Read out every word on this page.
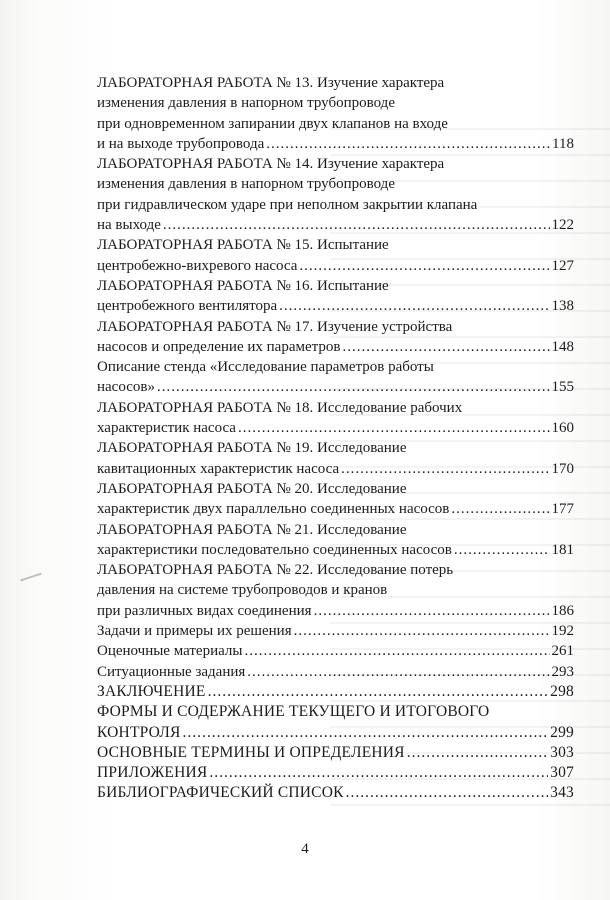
ЛАБОРАТОРНАЯ РАБОТА № 13. Изучение характера
изменения давления в напорном трубопроводе
при одновременном запирании двух клапанов на входе
и на выходе трубопровода .....	118
ЛАБОРАТОРНАЯ РАБОТА № 14. Изучение характера
изменения давления в напорном трубопроводе
при гидравлическом ударе при неполном закрытии клапана
на выходе .....	122
ЛАБОРАТОРНАЯ РАБОТА № 15. Испытание
центробежно-вихревого насоса .....	127
ЛАБОРАТОРНАЯ РАБОТА № 16. Испытание
центробежного вентилятора .....	138
ЛАБОРАТОРНАЯ РАБОТА № 17. Изучение устройства
насосов и определение их параметров .....	148
Описание стенда «Исследование параметров работы
насосов» .....	155
ЛАБОРАТОРНАЯ РАБОТА № 18. Исследование рабочих
характеристик насоса .....	160
ЛАБОРАТОРНАЯ РАБОТА № 19. Исследование
кавитационных характеристик насоса .....	170
ЛАБОРАТОРНАЯ РАБОТА № 20. Исследование
характеристик двух параллельно соединенных насосов .....	177
ЛАБОРАТОРНАЯ РАБОТА № 21. Исследование
характеристики последовательно соединенных насосов .....	181
ЛАБОРАТОРНАЯ РАБОТА № 22. Исследование потерь
давления на системе трубопроводов и кранов
при различных видах соединения .....	186
Задачи и примеры их решения .....	192
Оценочные материалы .....	261
Ситуационные задания .....	293
ЗАКЛЮЧЕНИЕ .....	298
ФОРМЫ И СОДЕРЖАНИЕ ТЕКУЩЕГО И ИТОГОВОГО
КОНТРОЛЯ .....	299
ОСНОВНЫЕ ТЕРМИНЫ И ОПРЕДЕЛЕНИЯ .....	303
ПРИЛОЖЕНИЯ .....	307
БИБЛИОГРАФИЧЕСКИЙ СПИСОК .....	343
4
